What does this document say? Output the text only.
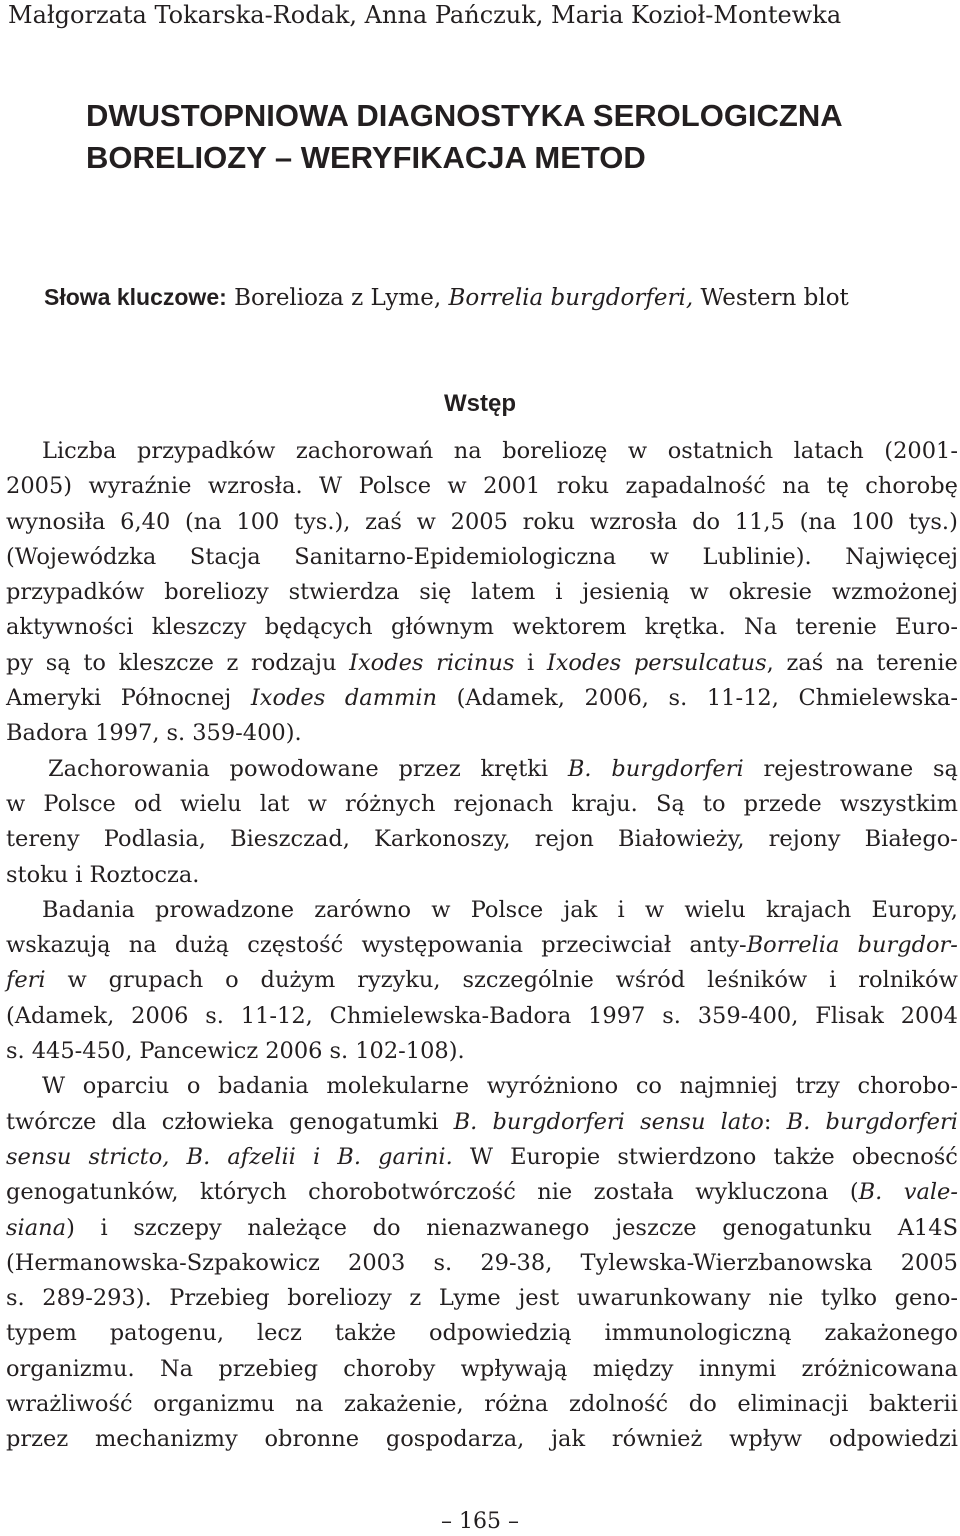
Małgorzata Tokarska-Rodak, Anna Pańczuk, Maria Kozioł-Montewka
DWUSTOPNIOWA DIAGNOSTYKA SEROLOGICZNA
BORELIOZY – WERYFIKACJA METOD
Słowa kluczowe: Borelioza z Lyme, Borrelia burgdorferi, Western blot
Wstęp
Liczba przypadków zachorowań na boreliozę w ostatnich latach (2001-
2005) wyraźnie wzrosła. W Polsce w 2001 roku zapadalność na tę chorobę
wynosiła 6,40 (na 100 tys.), zaś w 2005 roku wzrosła do 11,5 (na 100 tys.)
(Wojewódzka Stacja Sanitarno-Epidemiologiczna w Lublinie). Najwięcej
przypadków boreliozy stwierdza się latem i jesienią w okresie wzmożonej
aktywności kleszczy będących głównym wektorem krętka. Na terenie Euro-
py są to kleszcze z rodzaju Ixodes ricinus i Ixodes persulcatus, zaś na terenie
Ameryki Północnej Ixodes dammin (Adamek, 2006, s. 11-12, Chmielewska-
Badora 1997, s. 359-400).
Zachorowania powodowane przez krętki B. burgdorferi rejestrowane są
w Polsce od wielu lat w różnych rejonach kraju. Są to przede wszystkim
tereny Podlasia, Bieszczad, Karkonoszy, rejon Białowieży, rejony Białego-
stoku i Roztocza.
Badania prowadzone zarówno w Polsce jak i w wielu krajach Europy,
wskazują na dużą częstość występowania przeciwciał anty-Borrelia burgdor-
feri w grupach o dużym ryzyku, szczególnie wśród leśników i rolników
(Adamek, 2006 s. 11-12, Chmielewska-Badora 1997 s. 359-400, Flisak 2004
s. 445-450, Pancewicz 2006 s. 102-108).
W oparciu o badania molekularne wyróżniono co najmniej trzy chorobo-
twórcze dla człowieka genogatumki B. burgdorferi sensu lato: B. burgdorferi
sensu stricto, B. afzelii i B. garini. W Europie stwierdzono także obecność
genogatunków, których chorobotwórczość nie została wykluczona (B. vale-
siana) i szczepy należące do nienazwanego jeszcze genogatunku A14S
(Hermanowska-Szpakowicz 2003 s. 29-38, Tylewska-Wierzbanowska 2005
s. 289-293). Przebieg boreliozy z Lyme jest uwarunkowany nie tylko geno-
typem patogenu, lecz także odpowiedzią immunologiczną zakażonego
organizmu. Na przebieg choroby wpływają między innymi zróżnicowana
wrażliwość organizmu na zakażenie, różna zdolność do eliminacji bakterii
przez mechanizmy obronne gospodarza, jak również wpływ odpowiedzi
– 165 –
